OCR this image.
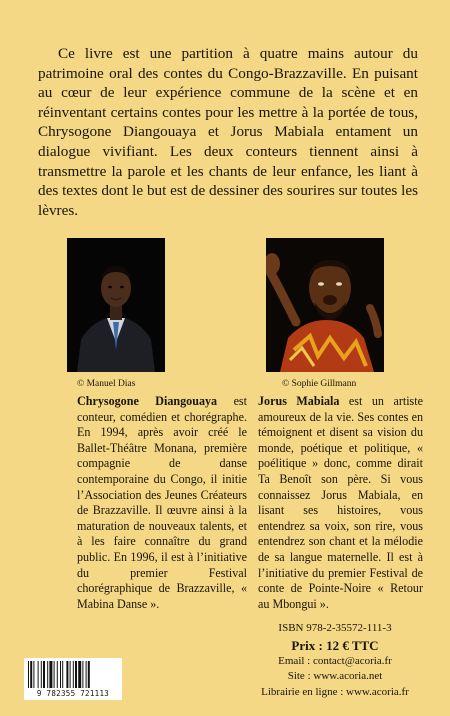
Ce livre est une partition à quatre mains autour du patrimoine oral des contes du Congo-Brazzaville. En puisant au cœur de leur expérience commune de la scène et en réinventant certains contes pour les mettre à la portée de tous, Chrysogone Diangouaya et Jorus Mabiala entament un dialogue vivifiant. Les deux conteurs tiennent ainsi à transmettre la parole et les chants de leur enfance, les liant à des textes dont le but est de dessiner des sourires sur toutes les lèvres.

© Manuel Dias	© Sophie Gillmann

Chrysogone Diangouaya est conteur, comédien et chorégraphe. En 1994, après avoir créé le Ballet-Théâtre Monana, première compagnie de danse contemporaine du Congo, il initie l’Association des Jeunes Créateurs de Brazzaville. Il œuvre ainsi à la maturation de nouveaux talents, et à les faire connaître du grand public. En 1996, il est à l’initiative du premier Festival chorégraphique de Brazzaville, « Mabina Danse ».

Jorus Mabiala est un artiste amoureux de la vie. Ses contes en témoignent et disent sa vision du monde, poétique et politique, « poélitique » donc, comme dirait Ta Benoît son père. Si vous connaissez Jorus Mabiala, en lisant ses histoires, vous entendrez sa voix, son rire, vous entendrez son chant et la mélodie de sa langue maternelle. Il est à l’initiative du premier Festival de conte de Pointe-Noire « Retour au Mbongui ».

ISBN 978-2-35572-111-3
Prix : 12 € TTC
Email : contact@acoria.fr
Site : www.acoria.net
Librairie en ligne : www.acoria.fr
9 782355 721113
